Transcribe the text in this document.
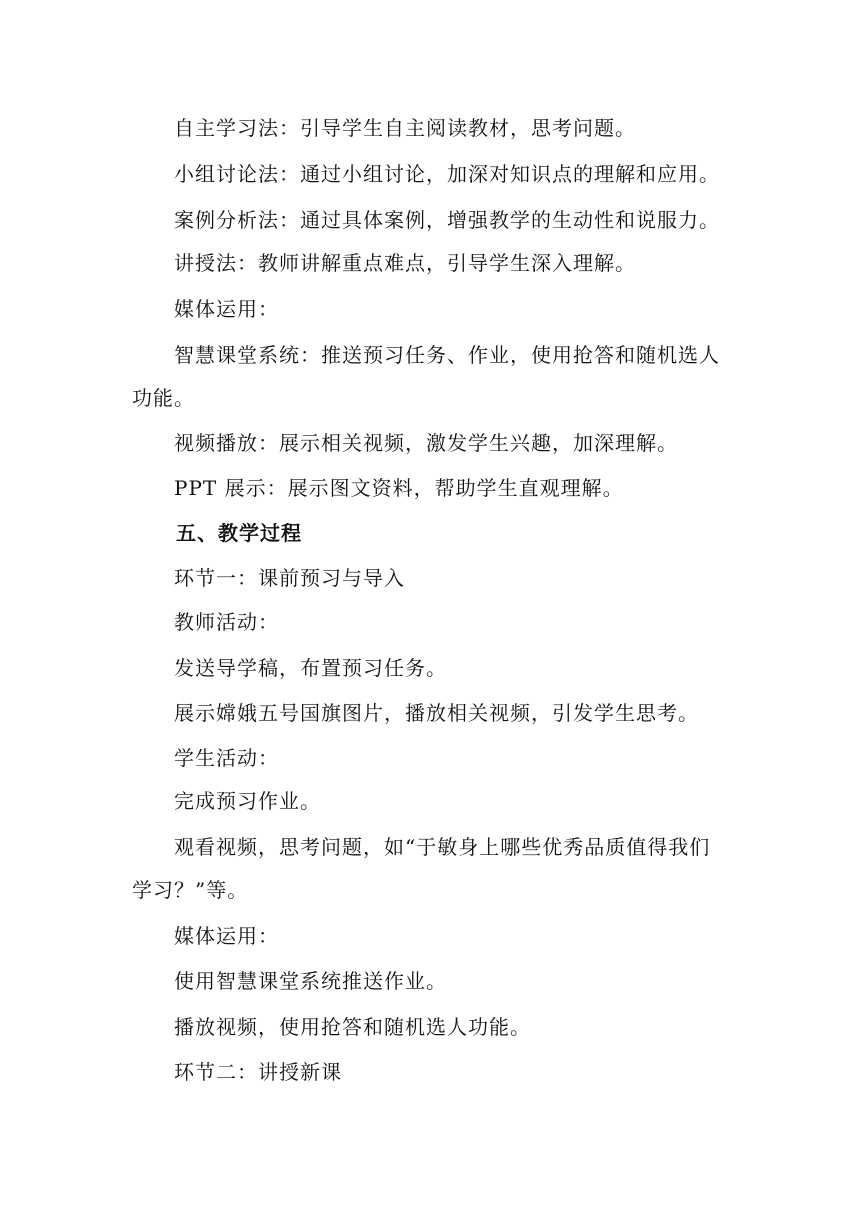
自主学习法：引导学生自主阅读教材，思考问题。
小组讨论法：通过小组讨论，加深对知识点的理解和应用。
案例分析法：通过具体案例，增强教学的生动性和说服力。
讲授法：教师讲解重点难点，引导学生深入理解。
媒体运用：
智慧课堂系统：推送预习任务、作业，使用抢答和随机选人
功能。
视频播放：展示相关视频，激发学生兴趣，加深理解。
PPT 展示：展示图文资料，帮助学生直观理解。
五、教学过程
环节一：课前预习与导入
教师活动：
发送导学稿，布置预习任务。
展示嫦娥五号国旗图片，播放相关视频，引发学生思考。
学生活动：
完成预习作业。
观看视频，思考问题，如“于敏身上哪些优秀品质值得我们
学习？”等。
媒体运用：
使用智慧课堂系统推送作业。
播放视频，使用抢答和随机选人功能。
环节二：讲授新课
